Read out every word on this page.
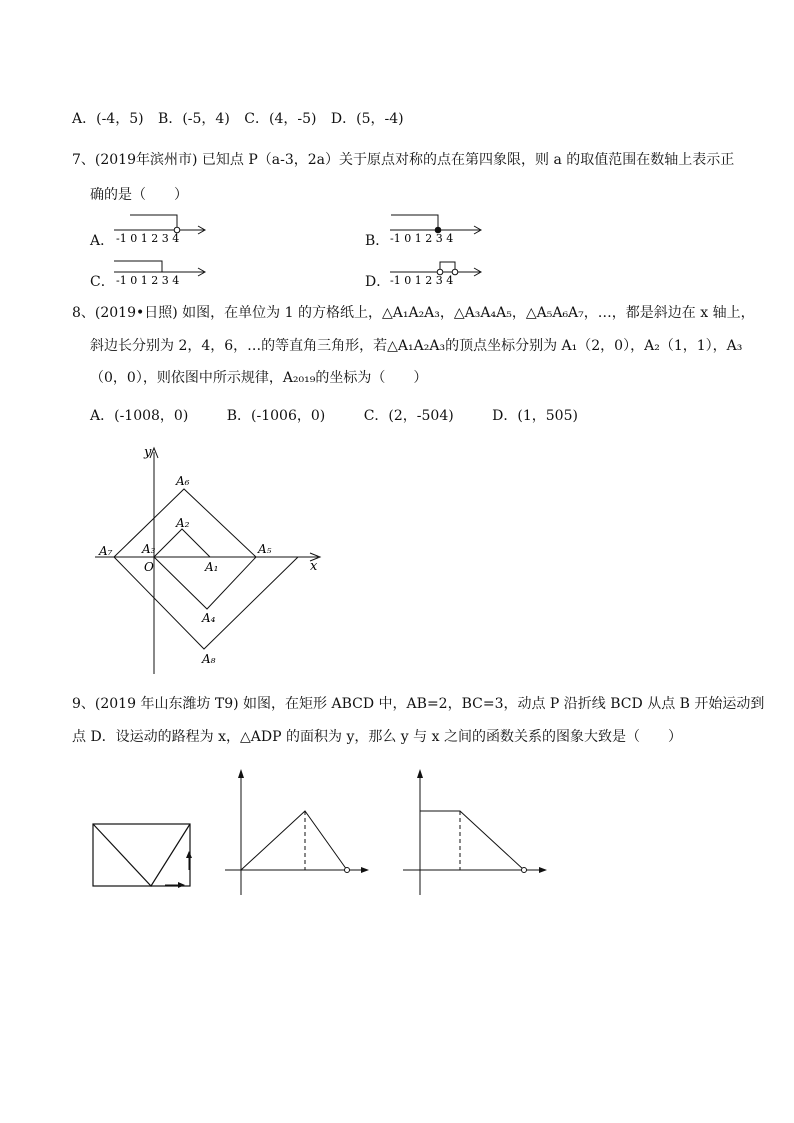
A．(-4，5) B．(-5，4) C．(4，-5) D．(5，-4)
7、(2019年滨州市) 已知点 P（a-3，2a）关于原点对称的点在第四象限，则 a 的取值范围在数轴上表示正
确的是（　　）
A． -1 0 1 2 3 4	B． -1 0 1 2 3 4
C． -1 0 1 2 3 4	D． -1 0 1 2 3 4
8、(2019•日照) 如图，在单位为 1 的方格纸上，△A₁A₂A₃，△A₃A₄A₅，△A₅A₆A₇，…，都是斜边在 x 轴上，
斜边长分别为 2，4，6，…的等直角三角形，若△A₁A₂A₃的顶点坐标分别为 A₁（2，0），A₂（1，1），A₃
（0，0），则依图中所示规律，A₂₀₁₉的坐标为（　　）
A．(-1008，0)	B．(-1006，0)	C．(2，-504)	D．(1，505)
y
x
O	A₁
A₂
A₃
A₄
A₅
A₆
A₇
A₈
9、(2019 年山东潍坊 T9) 如图，在矩形 ABCD 中，AB=2，BC=3，动点 P 沿折线 BCD 从点 B 开始运动到
点 D．设运动的路程为 x，△ADP 的面积为 y，那么 y 与 x 之间的函数关系的图象大致是（　　）
